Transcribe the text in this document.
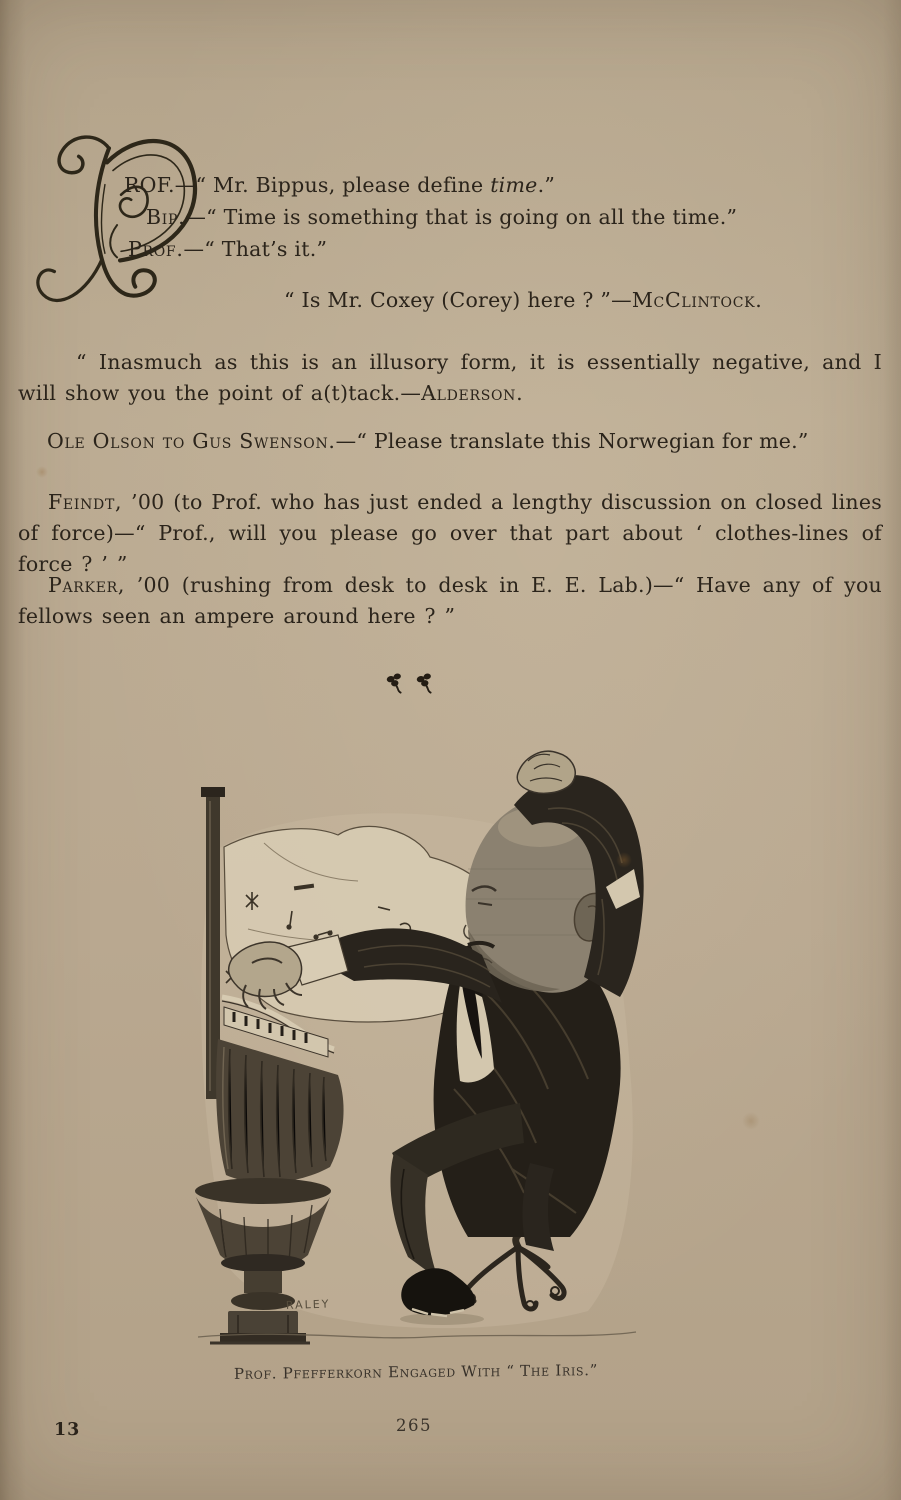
ROF.—“ Mr. Bippus, please define time.”

Bip.—“ Time is something that is going on all the time.”

Prof.—“ That’s it.”

“ Is Mr. Coxey (Corey) here ? ”—McClintock.

“ Inasmuch as this is an illusory form, it is essentially negative, and I will show you the point of a(t)tack.—Alderson.

Ole Olson to Gus Swenson.—“ Please translate this Norwegian for me.”

Feindt, ’00 (to Prof. who has just ended a lengthy discussion on closed lines of force)—“ Prof., will you please go over that part about ‘ clothes-lines of force ? ’ ”

Parker, ’00 (rushing from desk to desk in E. E. Lab.)—“ Have any of you fellows seen an ampere around here ? ”

RALEY

Prof. Pfefferkorn Engaged With “ The Iris.”

13	265
